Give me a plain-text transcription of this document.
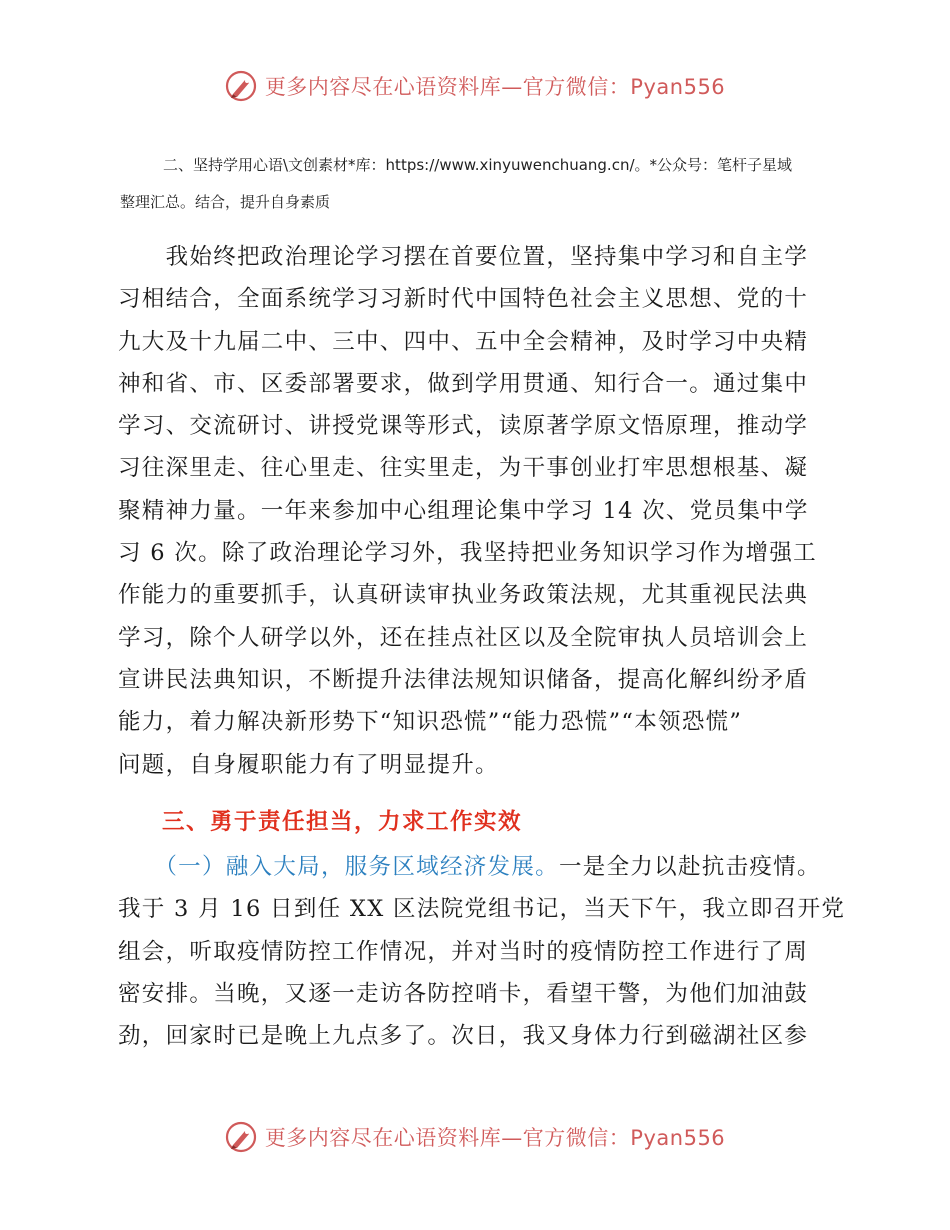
更多内容尽在心语资料库—官方微信：Pyan556
二、坚持学用心语\文创素材*库：https://www.xinyuwenchuang.cn/。*公众号：笔杆子星域
整理汇总。结合，提升自身素质
　　我始终把政治理论学习摆在首要位置，坚持集中学习和自主学
习相结合，全面系统学习习新时代中国特色社会主义思想、党的十
九大及十九届二中、三中、四中、五中全会精神，及时学习中央精
神和省、市、区委部署要求，做到学用贯通、知行合一。通过集中
学习、交流研讨、讲授党课等形式，读原著学原文悟原理，推动学
习往深里走、往心里走、往实里走，为干事创业打牢思想根基、凝
聚精神力量。一年来参加中心组理论集中学习 14 次、党员集中学
习 6 次。除了政治理论学习外，我坚持把业务知识学习作为增强工
作能力的重要抓手，认真研读审执业务政策法规，尤其重视民法典
学习，除个人研学以外，还在挂点社区以及全院审执人员培训会上
宣讲民法典知识，不断提升法律法规知识储备，提高化解纠纷矛盾
能力，着力解决新形势下“知识恐慌”“能力恐慌”“本领恐慌”
问题，自身履职能力有了明显提升。
三、勇于责任担当，力求工作实效
　　（一）融入大局，服务区域经济发展。一是全力以赴抗击疫情。
我于 3 月 16 日到任 XX 区法院党组书记，当天下午，我立即召开党
组会，听取疫情防控工作情况，并对当时的疫情防控工作进行了周
密安排。当晚，又逐一走访各防控哨卡，看望干警，为他们加油鼓
劲，回家时已是晚上九点多了。次日，我又身体力行到磁湖社区参
更多内容尽在心语资料库—官方微信：Pyan556
